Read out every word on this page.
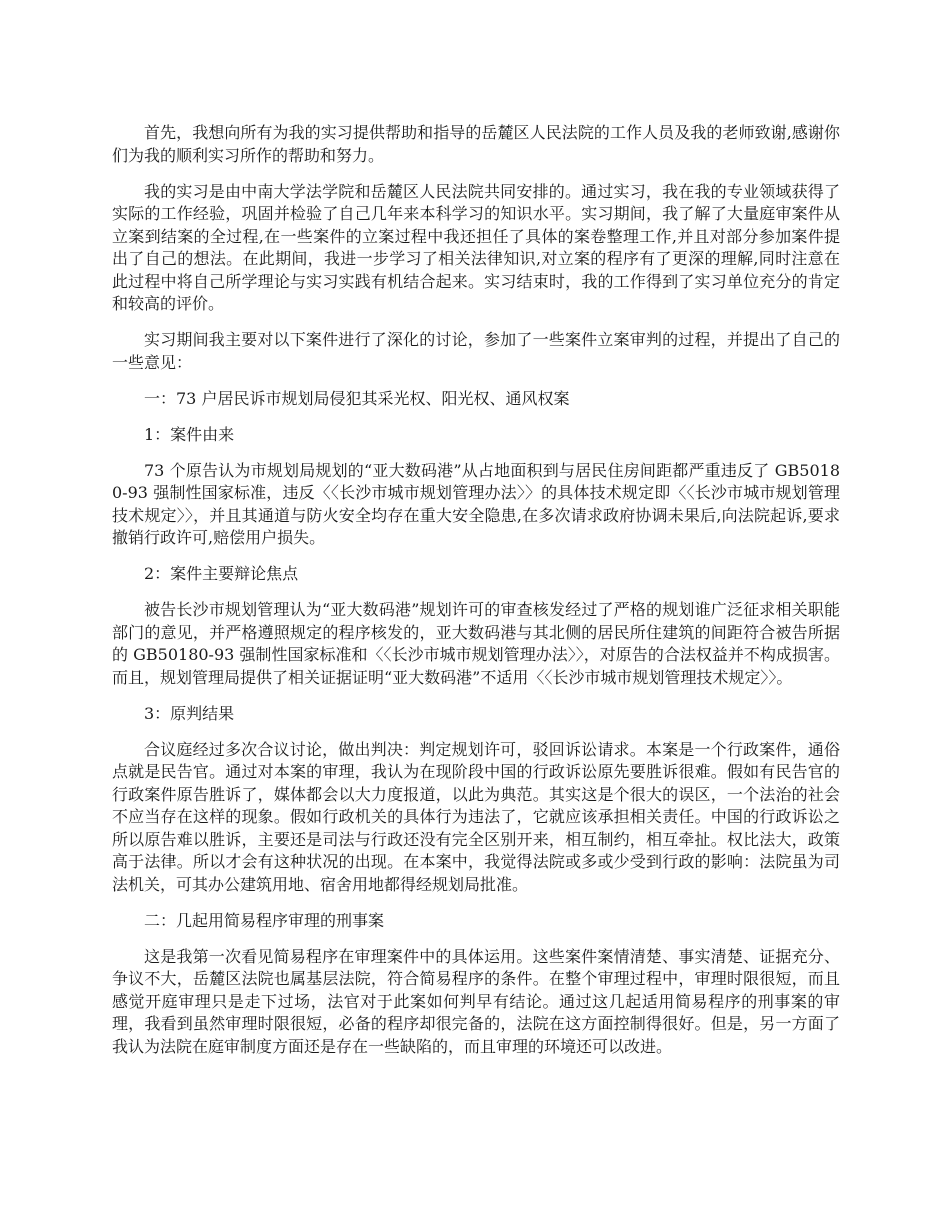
首先，我想向所有为我的实习提供帮助和指导的岳麓区人民法院的工作人员及我的老师致谢,感谢你们为我的顺利实习所作的帮助和努力。

我的实习是由中南大学法学院和岳麓区人民法院共同安排的。通过实习，我在我的专业领域获得了实际的工作经验，巩固并检验了自己几年来本科学习的知识水平。实习期间，我了解了大量庭审案件从立案到结案的全过程,在一些案件的立案过程中我还担任了具体的案卷整理工作,并且对部分参加案件提出了自己的想法。在此期间，我进一步学习了相关法律知识,对立案的程序有了更深的理解,同时注意在此过程中将自己所学理论与实习实践有机结合起来。实习结束时，我的工作得到了实习单位充分的肯定和较高的评价。

实习期间我主要对以下案件进行了深化的讨论，参加了一些案件立案审判的过程，并提出了自己的一些意见：

一：73 户居民诉市规划局侵犯其采光权、阳光权、通风权案

1：案件由来

73 个原告认为市规划局规划的“亚大数码港”从占地面积到与居民住房间距都严重违反了 GB50180-93 强制性国家标准，违反〈〈长沙市城市规划管理办法〉〉的具体技术规定即〈〈长沙市城市规划管理技术规定〉〉，并且其通道与防火安全均存在重大安全隐患,在多次请求政府协调未果后,向法院起诉,要求撤销行政许可,赔偿用户损失。

2：案件主要辩论焦点

被告长沙市规划管理认为“亚大数码港”规划许可的审查核发经过了严格的规划谁广泛征求相关职能部门的意见，并严格遵照规定的程序核发的，亚大数码港与其北侧的居民所住建筑的间距符合被告所据的 GB50180-93 强制性国家标准和〈〈长沙市城市规划管理办法〉〉，对原告的合法权益并不构成损害。而且，规划管理局提供了相关证据证明“亚大数码港”不适用〈〈长沙市城市规划管理技术规定〉〉。

3：原判结果

合议庭经过多次合议讨论，做出判决：判定规划许可，驳回诉讼请求。本案是一个行政案件，通俗点就是民告官。通过对本案的审理，我认为在现阶段中国的行政诉讼原先要胜诉很难。假如有民告官的行政案件原告胜诉了，媒体都会以大力度报道，以此为典范。其实这是个很大的误区，一个法治的社会不应当存在这样的现象。假如行政机关的具体行为违法了，它就应该承担相关责任。中国的行政诉讼之所以原告难以胜诉，主要还是司法与行政还没有完全区别开来，相互制约，相互牵扯。权比法大，政策高于法律。所以才会有这种状况的出现。在本案中，我觉得法院或多或少受到行政的影响：法院虽为司法机关，可其办公建筑用地、宿舍用地都得经规划局批准。

二：几起用简易程序审理的刑事案

这是我第一次看见简易程序在审理案件中的具体运用。这些案件案情清楚、事实清楚、证据充分、争议不大，岳麓区法院也属基层法院，符合简易程序的条件。在整个审理过程中，审理时限很短，而且感觉开庭审理只是走下过场，法官对于此案如何判早有结论。通过这几起适用简易程序的刑事案的审理，我看到虽然审理时限很短，必备的程序却很完备的，法院在这方面控制得很好。但是，另一方面了我认为法院在庭审制度方面还是存在一些缺陷的，而且审理的环境还可以改进。
